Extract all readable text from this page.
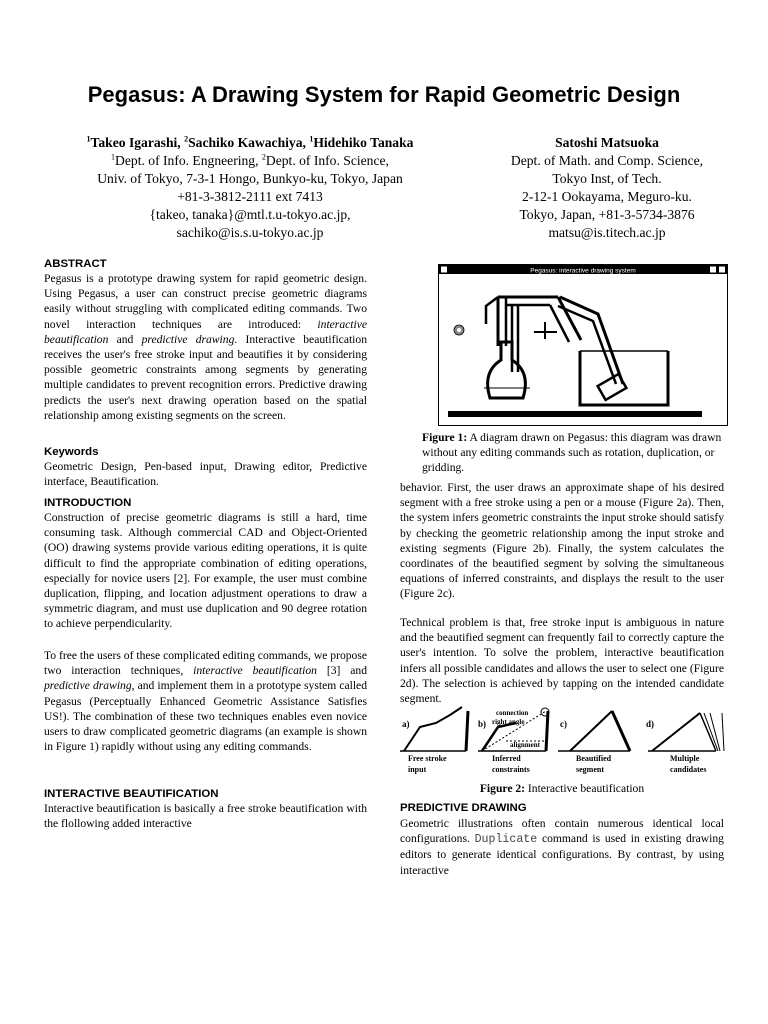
Pegasus: A Drawing System for Rapid Geometric Design
$^1$Takeo Igarashi, $^2$Sachiko Kawachiya, $^1$Hidehiko Tanaka
$^1$Dept. of Info. Engneering, $^2$Dept. of Info. Science,
Univ. of Tokyo, 7-3-1 Hongo, Bunkyo-ku, Tokyo, Japan
+81-3-3812-2111 ext 7413
{takeo, tanaka}@mtl.t.u-tokyo.ac.jp,
sachiko@is.s.u-tokyo.ac.jp
Satoshi Matsuoka
Dept. of Math. and Comp. Science,
Tokyo Inst, of Tech.
2-12-1 Ookayama, Meguro-ku.
Tokyo, Japan, +81-3-5734-3876
matsu@is.titech.ac.jp
ABSTRACT

Pegasus is a prototype drawing system for rapid geometric design. Using Pegasus, a user can construct precise geometric diagrams easily without struggling with complicated editing commands. Two novel interaction techniques are introduced: interactive beautification and predictive drawing. Interactive beautification receives the user's free stroke input and beautifies it by considering possible geometric constraints among segments by generating multiple candidates to prevent recognition errors. Predictive drawing predicts the user's next drawing operation based on the spatial relationship among existing segments on the screen.

Keywords

Geometric Design, Pen-based input, Drawing editor, Predictive interface, Beautification.

INTRODUCTION

Construction of precise geometric diagrams is still a hard, time consuming task. Although commercial CAD and Object-Oriented (OO) drawing systems provide various editing operations, it is quite difficult to find the appropriate combination of editing operations, especially for novice users [2]. For example, the user must combine duplication, flipping, and location adjustment operations to draw a symmetric diagram, and must use duplication and 90 degree rotation to achieve perpendicularity.

To free the users of these complicated editing commands, we propose two interaction techniques, interactive beautification [3] and predictive drawing, and implement them in a prototype system called Pegasus (Perceptually Enhanced Geometric Assistance Satisfies US!). The combination of these two techniques enables even novice users to draw complicated geometric diagrams (an example is shown in Figure 1) rapidly without using any editing commands.

INTERACTIVE BEAUTIFICATION

Interactive beautification is basically a free stroke beautification with the flollowing added interactive

Pegasus: interactive drawing system

Figure 1: A diagram drawn on Pegasus: this diagram was drawn without any editing commands such as rotation, duplication, or gridding.

behavior. First, the user draws an approximate shape of his desired segment with a free stroke using a pen or a mouse (Figure 2a). Then, the system infers geometric constraints the input stroke should satisfy by checking the geometric relationship among the input stroke and existing segments (Figure 2b). Finally, the system calculates the coordinates of the beautified segment by solving the simultaneous equations of inferred constraints, and displays the result to the user (Figure 2c).

Technical problem is that, free stroke input is ambiguous in nature and the beautified segment can frequently fail to correctly capture the user's intention. To solve the problem, interactive beautification infers all possible candidates and allows the user to select one (Figure 2d). The selection is achieved by tapping on the intended candidate segment.

a)	b)	c)	d)
connection
right angle
alignment
Free stroke
input
Inferred
constraints
Beautified
segment
Multiple
candidates

Figure 2: Interactive beautification

PREDICTIVE DRAWING

Geometric illustrations often contain numerous identical local configurations. Duplicate command is used in existing drawing editors to generate identical configurations. By contrast, by using interactive
